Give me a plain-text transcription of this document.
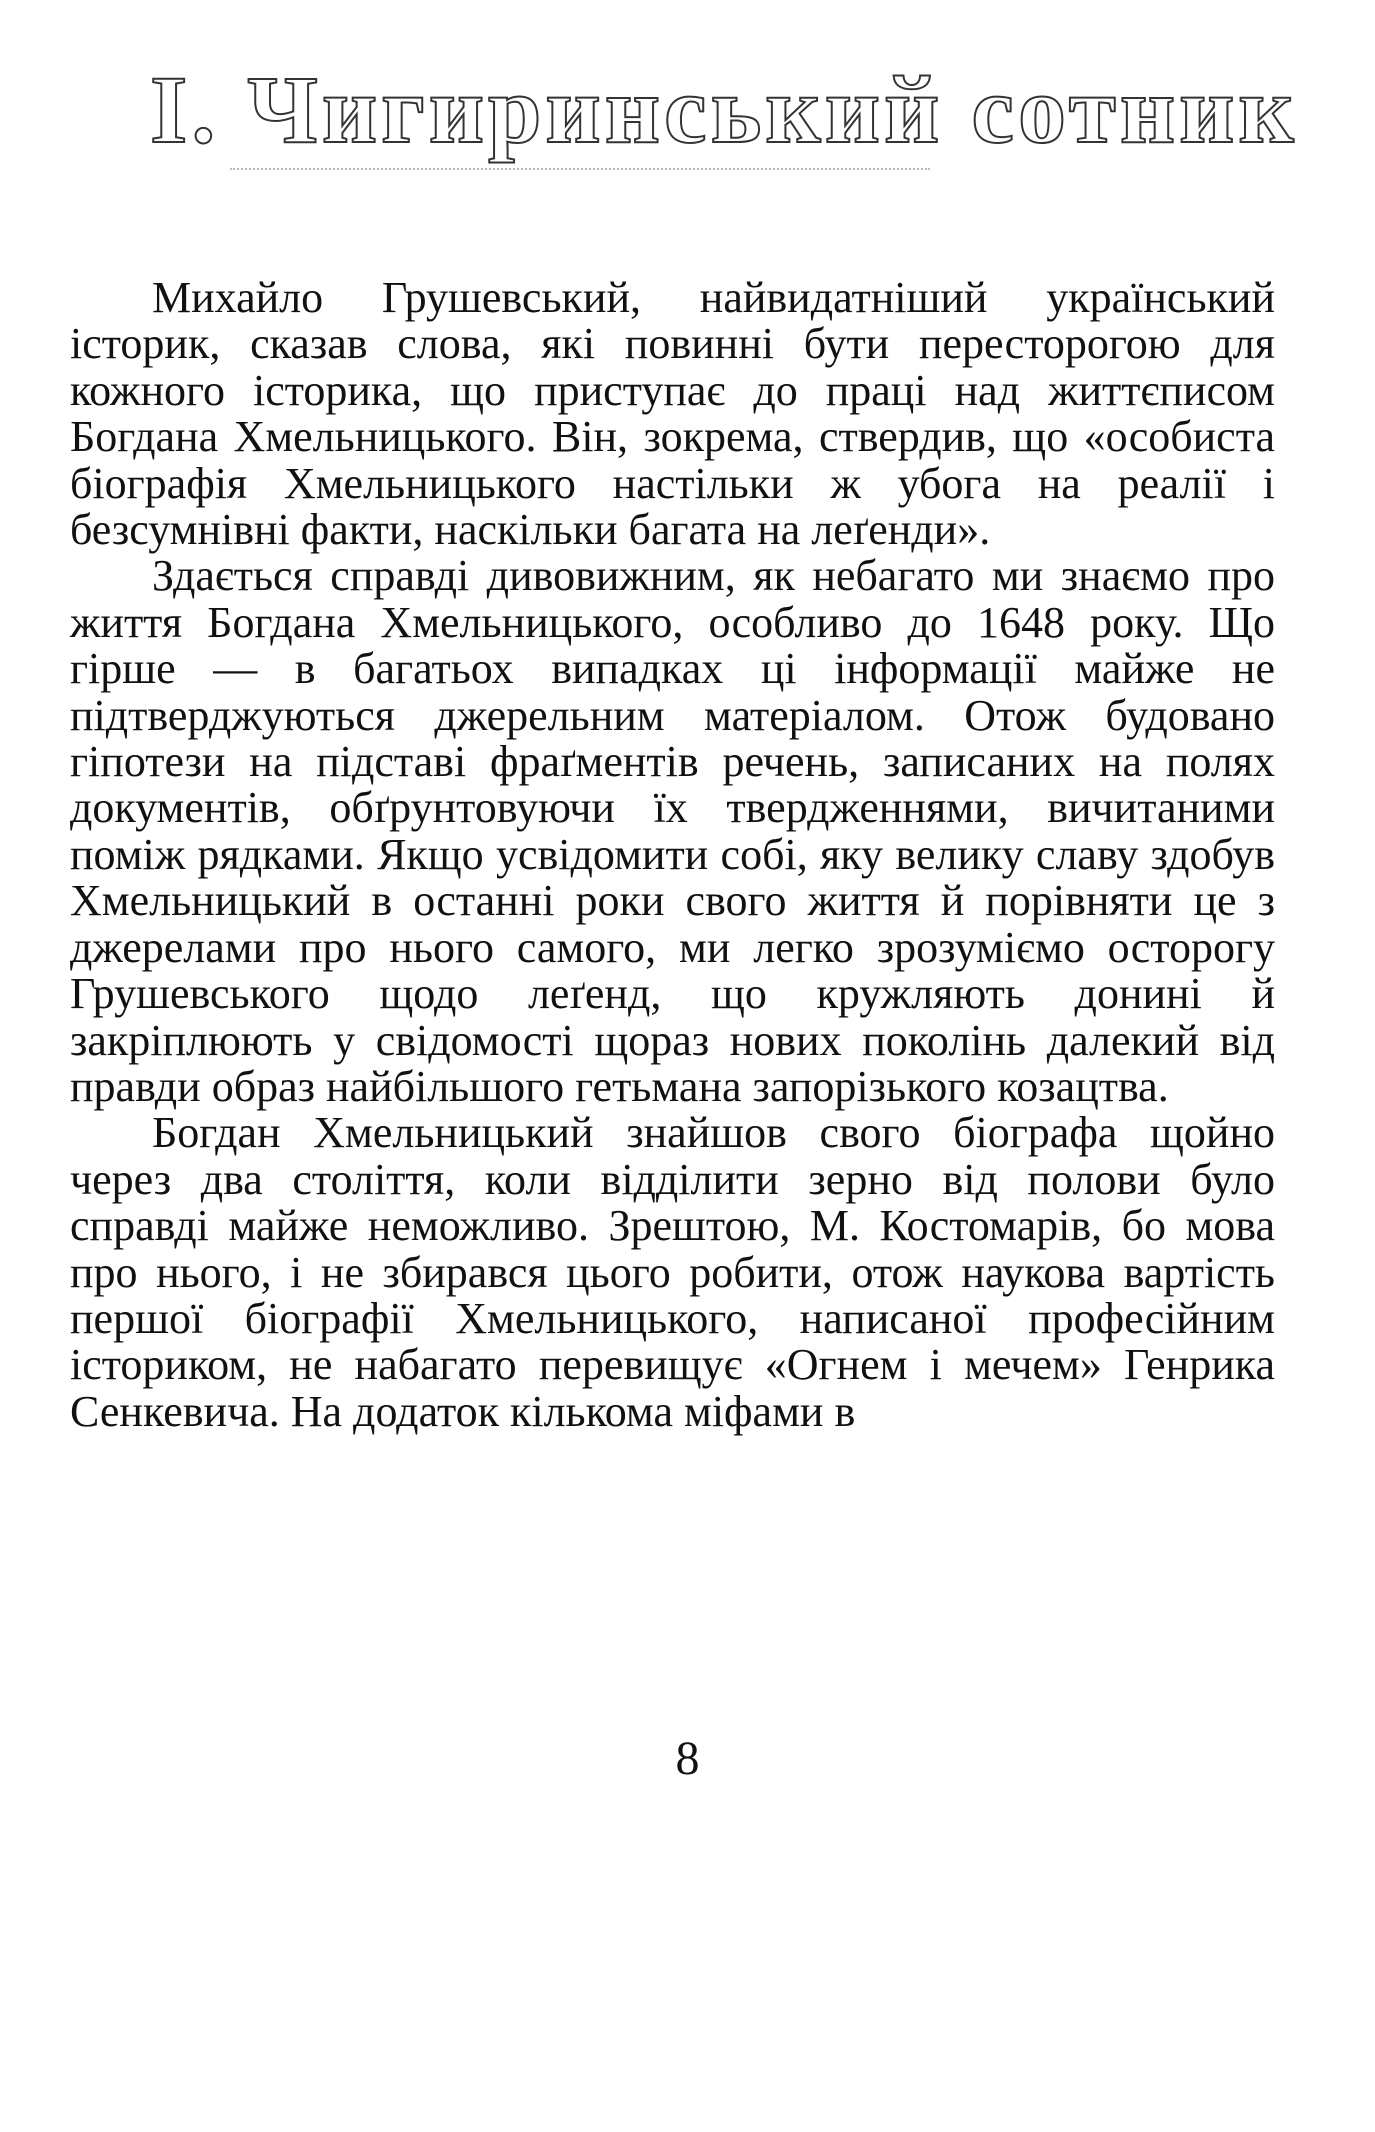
I. Чигиринський сотник

Михайло Грушевський, найвидатніший український історик, сказав слова, які повинні бути пересторогою для кожного історика, що приступає до праці над життєписом Богдана Хмельницького. Він, зокрема, ствердив, що «особиста біографія Хмельницького настільки ж убога на реалії і безсумнівні факти, наскільки багата на леґенди».

Здається справді дивовижним, як небагато ми знаємо про життя Богдана Хмельницького, особливо до 1648 року. Що гірше — в багатьох випадках ці інформації майже не підтверджуються джерельним матеріалом. Отож будовано гіпотези на підставі фраґментів речень, записаних на полях документів, обґрунтовуючи їх твердженнями, вичитаними поміж рядками. Якщо усвідомити собі, яку велику славу здобув Хмельницький в останні роки свого життя й порівняти це з джерелами про нього самого, ми легко зрозуміємо осторогу Грушевського щодо леґенд, що кружляють донині й закріплюють у свідомості щораз нових поколінь далекий від правди образ найбільшого гетьмана запорізького козацтва.

Богдан Хмельницький знайшов свого біографа щойно через два століття, коли відділити зерно від полови було справді майже неможливо. Зрештою, М. Костомарів, бо мова про нього, і не збирався цього робити, отож наукова вартість першої біографії Хмельницького, написаної професійним істориком, не набагато перевищує «Огнем і мечем» Генрика Сенкевича. На додаток кількома міфами в

8
